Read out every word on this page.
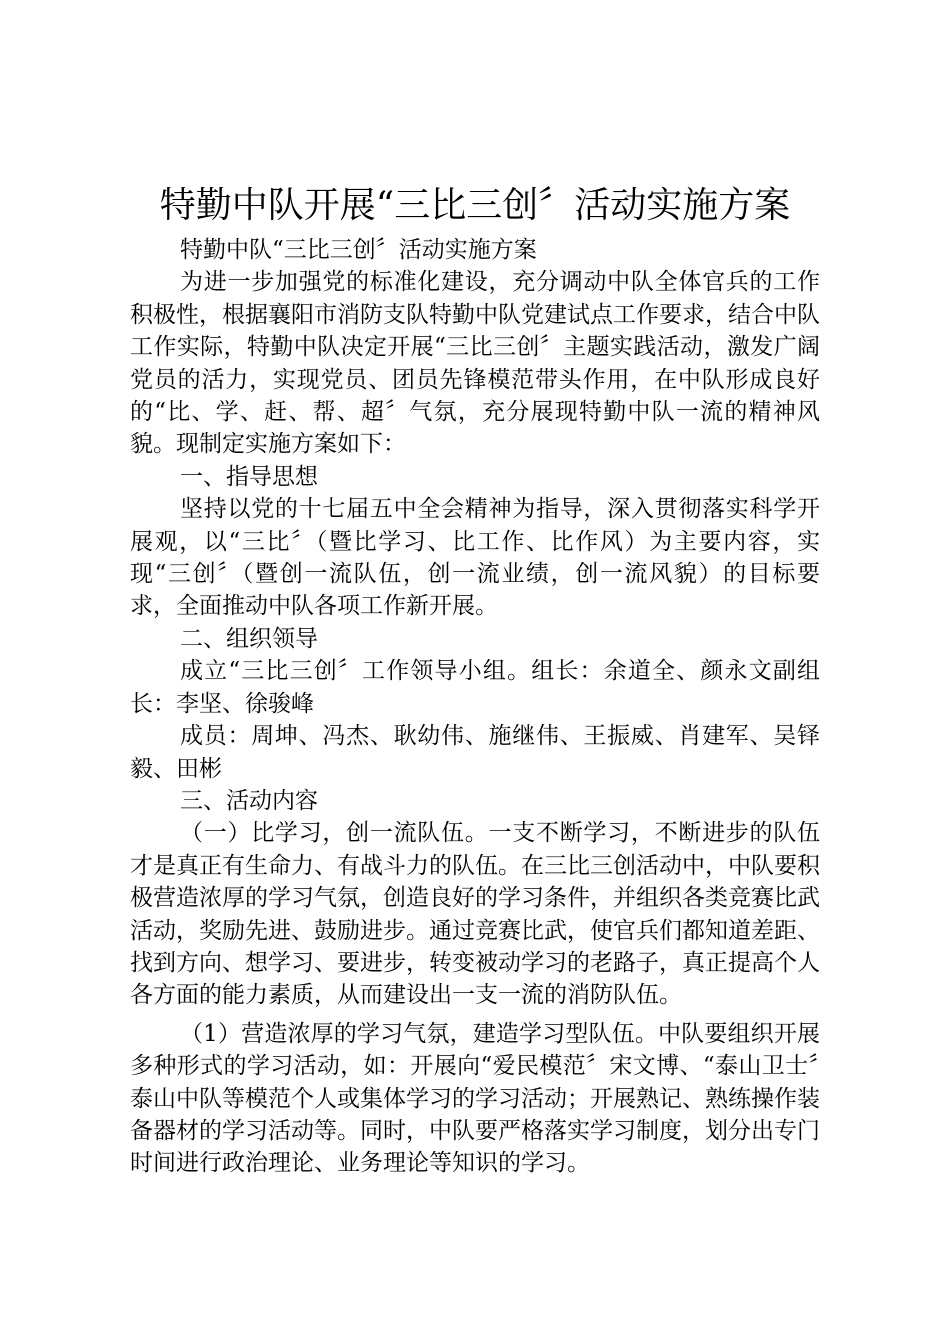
特勤中队开展“三比三创〞活动实施方案

特勤中队“三比三创〞活动实施方案

为进一步加强党的标准化建设，充分调动中队全体官兵的工作积极性，根据襄阳市消防支队特勤中队党建试点工作要求，结合中队工作实际，特勤中队决定开展“三比三创〞主题实践活动，激发广阔党员的活力，实现党员、团员先锋模范带头作用，在中队形成良好的“比、学、赶、帮、超〞气氛，充分展现特勤中队一流的精神风貌。现制定实施方案如下：

一、指导思想

坚持以党的十七届五中全会精神为指导，深入贯彻落实科学开展观，以“三比〞（暨比学习、比工作、比作风）为主要内容，实现“三创〞（暨创一流队伍，创一流业绩，创一流风貌）的目标要求，全面推动中队各项工作新开展。

二、组织领导

成立“三比三创〞工作领导小组。组长：余道全、颜永文副组长：李坚、徐骏峰

成员：周坤、冯杰、耿幼伟、施继伟、王振威、肖建军、吴铎毅、田彬

三、活动内容

（一）比学习，创一流队伍。一支不断学习，不断进步的队伍才是真正有生命力、有战斗力的队伍。在三比三创活动中，中队要积极营造浓厚的学习气氛，创造良好的学习条件，并组织各类竞赛比武活动，奖励先进、鼓励进步。通过竞赛比武，使官兵们都知道差距、找到方向、想学习、要进步，转变被动学习的老路子，真正提高个人各方面的能力素质，从而建设出一支一流的消防队伍。

（1）营造浓厚的学习气氛，建造学习型队伍。中队要组织开展多种形式的学习活动，如：开展向“爱民模范〞宋文博、“泰山卫士〞泰山中队等模范个人或集体学习的学习活动；开展熟记、熟练操作装备器材的学习活动等。同时，中队要严格落实学习制度，划分出专门时间进行政治理论、业务理论等知识的学习。
